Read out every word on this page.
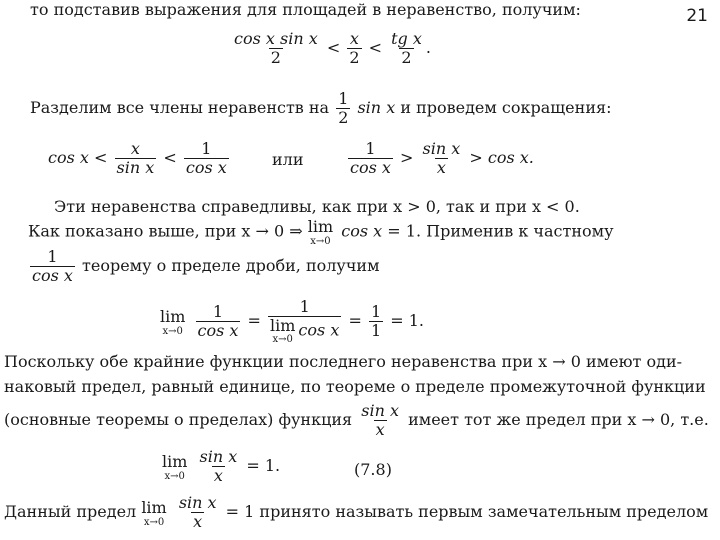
21
то подставив выражения для площадей в неравенство, получим:
$\frac{\text{cos x sin x}}{2} < \frac{x}{2} < \frac{\text{tg x}}{2}$ .
Разделим все члены неравенств на $\frac{1}{2}$ sin x и проведем сокращения:
$\cos x < \frac{x}{\text{sin x}} < \frac{1}{\text{cos x}}$	или	$\frac{1}{\text{cos x}} > \frac{\text{sin x}}{x} > \cos x$.
Эти неравенства справедливы, как при x > 0, так и при x < 0.
Как показано выше, при x → 0 ⇒ lim
x→0
cos x = 1. Применив к частному
$\frac{1}{\text{cos x}}$ теорему о пределе дроби, получим
lim
x→0
$\frac{1}{\text{cos x}} = 1$
lim
x→0 $\cos x = \frac{1}{1} = 1$.
Поскольку обе крайние функции последнего неравенства при x → 0 имеют оди-
наковый предел, равный единице, по теореме о пределе промежуточной функции
(основные теоремы о пределах) функция $\frac{\text{sin x}}{x}$ имеет тот же предел при x → 0, т.е.
lim
x→0
$\frac{\text{sin x}}{x} = 1$.	(7.8)
Данный предел lim
x→0
$\frac{\text{sin x}}{x} = 1$ принято называть первым замечательным пределом
